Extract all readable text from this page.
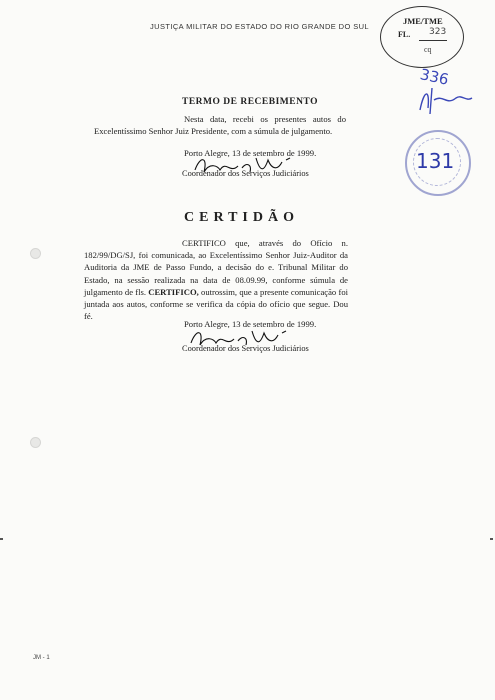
JUSTIÇA MILITAR DO ESTADO DO RIO GRANDE DO SUL
JME/TME
FL. 323
cq
336
131
TERMO DE RECEBIMENTO
Nesta data, recebi os presentes autos do Excelentíssimo Senhor Juiz Presidente, com a súmula de julgamento.
Porto Alegre, 13 de setembro de 1999.
Coordenador dos Serviços Judiciários
CERTIDÃO
CERTIFICO que, através do Ofício n. 182/99/DG/SJ, foi comunicada, ao Excelentíssimo Senhor Juiz-Auditor da Auditoria da JME de Passo Fundo, a decisão do e. Tribunal Militar do Estado, na sessão realizada na data de 08.09.99, conforme súmula de julgamento de fls. CERTIFICO, outrossim, que a presente comunicação foi juntada aos autos, conforme se verifica da cópia do ofício que segue. Dou fé.
Porto Alegre, 13 de setembro de 1999.
Coordenador dos Serviços Judiciários
JM - 1
